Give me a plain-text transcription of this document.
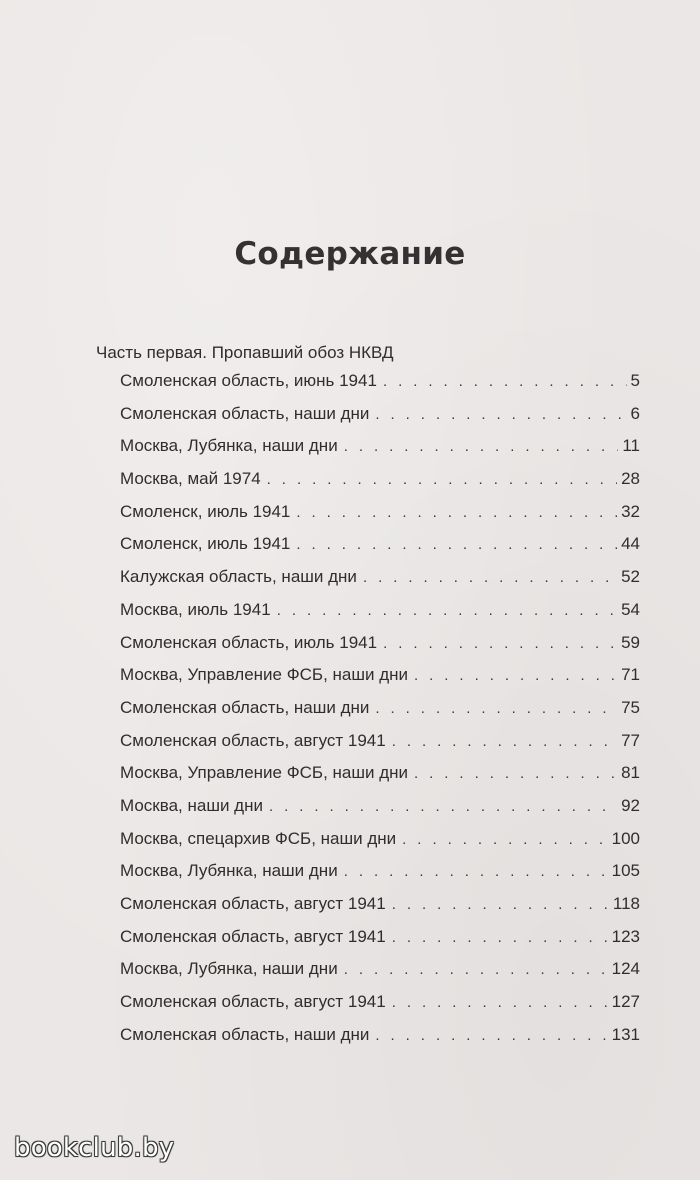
Содержание
Часть первая. Пропавший обоз НКВД
Смоленская область, июнь 1941 . . .	5
Смоленская область, наши дни . . .	6
Москва, Лубянка, наши дни . . .	11
Москва, май 1974 . . .	28
Смоленск, июль 1941 . . .	32
Смоленск, июль 1941 . . .	44
Калужская область, наши дни . . .	52
Москва, июль 1941 . . .	54
Смоленская область, июль 1941 . . .	59
Москва, Управление ФСБ, наши дни . . .	71
Смоленская область, наши дни . . .	75
Смоленская область, август 1941 . . .	77
Москва, Управление ФСБ, наши дни . . .	81
Москва, наши дни . . .	92
Москва, спецархив ФСБ, наши дни . . .	100
Москва, Лубянка, наши дни . . .	105
Смоленская область, август 1941 . . .	118
Смоленская область, август 1941 . . .	123
Москва, Лубянка, наши дни . . .	124
Смоленская область, август 1941 . . .	127
Смоленская область, наши дни . . .	131
bookclub.by
